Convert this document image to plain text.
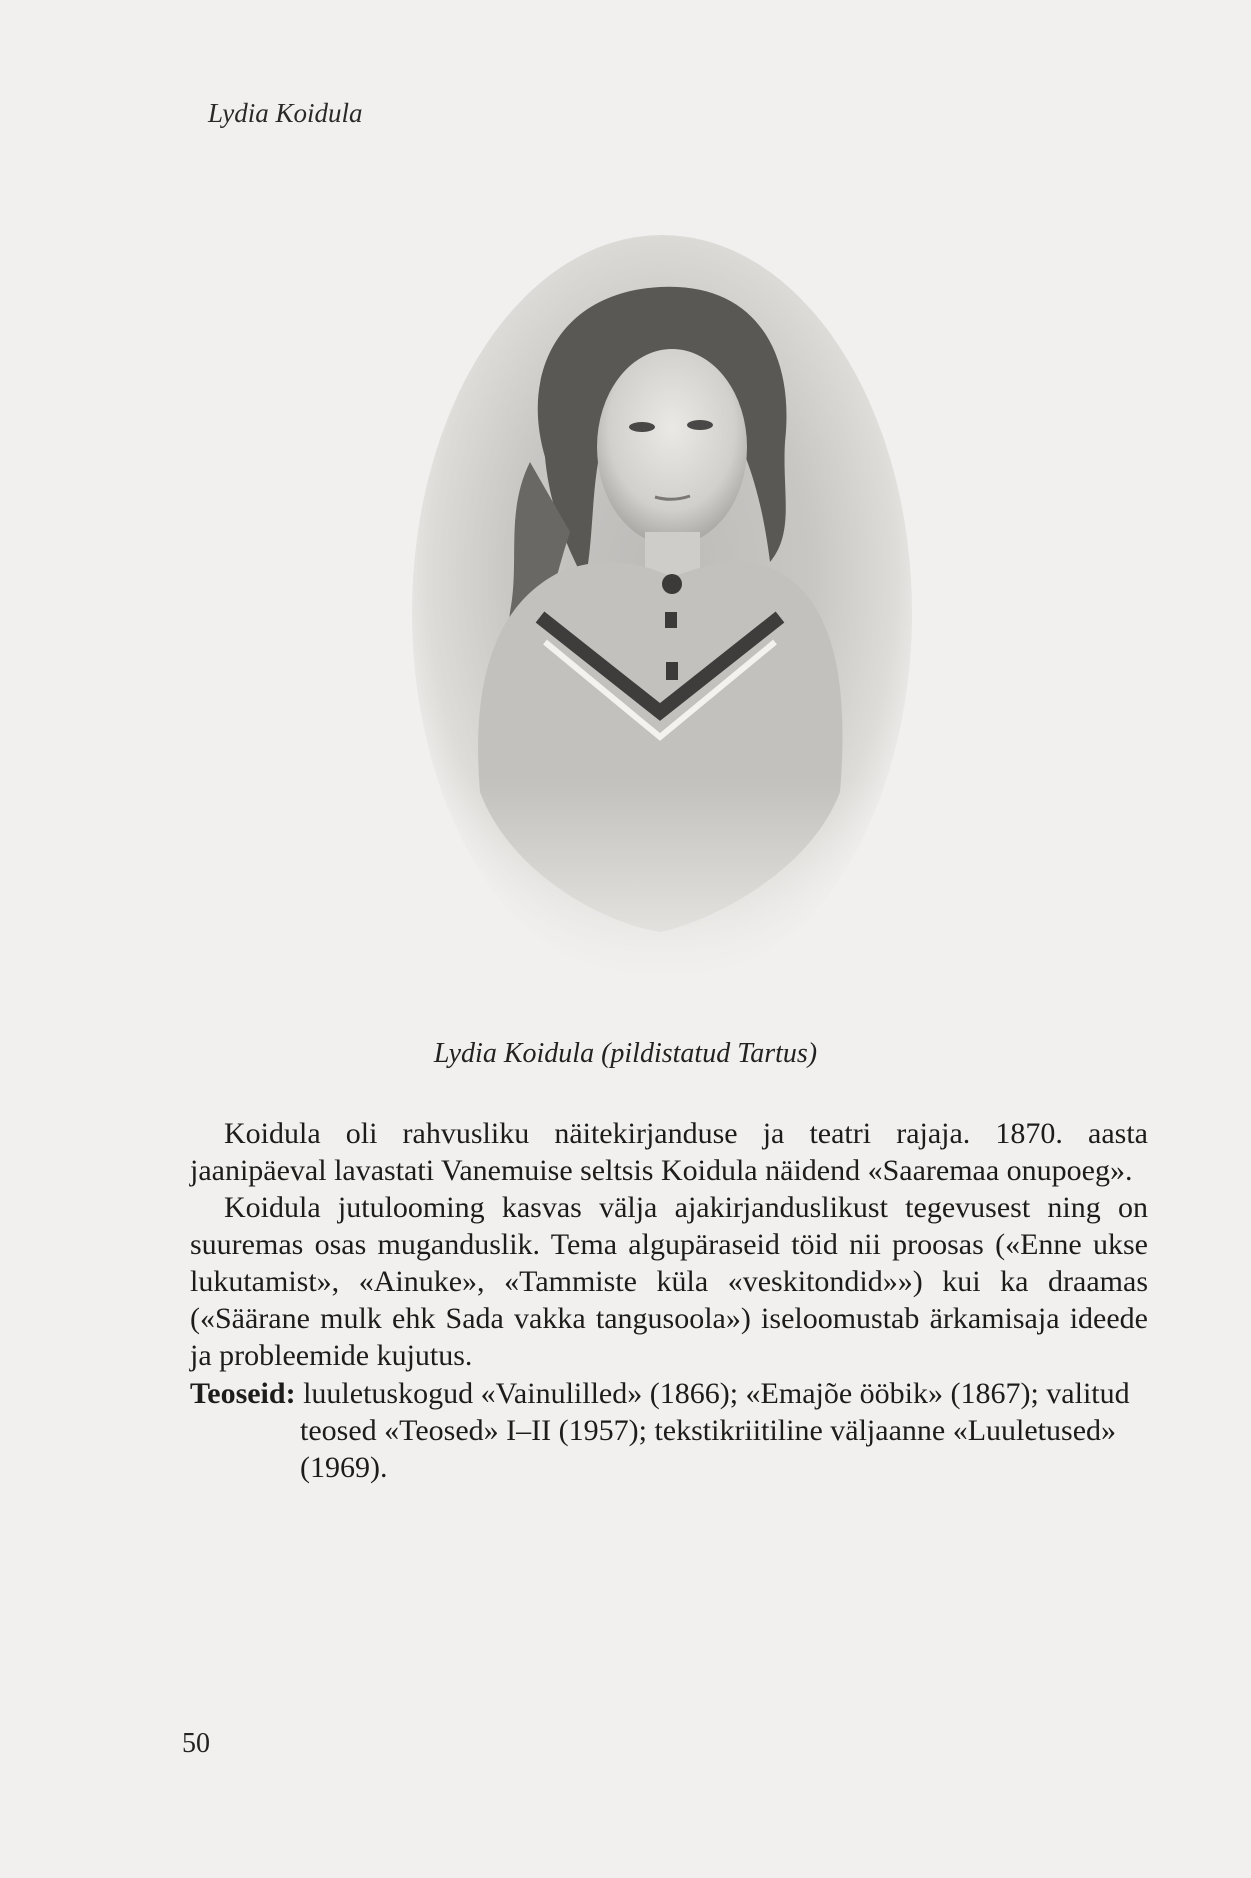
Lydia Koidula
Lydia Koidula (pildistatud Tartus)

Koidula oli rahvusliku näitekirjanduse ja teatri rajaja. 1870. aasta jaanipäeval lavastati Vanemuise seltsis Koidula näidend «Saaremaa onupoeg».

Koidula jutulooming kasvas välja ajakirjanduslikust tegevusest ning on suuremas osas muganduslik. Tema algupäraseid töid nii proosas («Enne ukse lukutamist», «Ainuke», «Tammiste küla «veskitondid»») kui ka draamas («Säärane mulk ehk Sada vakka tangusoola») iseloomustab ärkamisaja ideede ja probleemide kujutus.

Teoseid: luuletuskogud «Vainulilled» (1866); «Emajõe ööbik» (1867); valitud teosed «Teosed» I–II (1957); tekstikriitiline väljaanne «Luuletused» (1969).
50
